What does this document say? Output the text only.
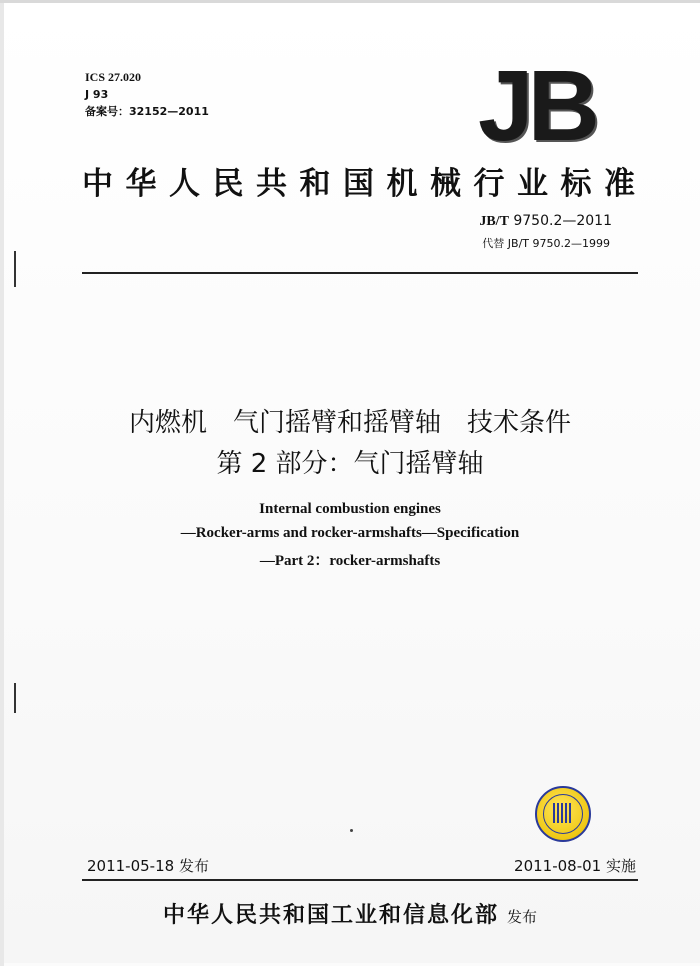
ICS 27.020
J 93
备案号：32152—2011	JB
中华人民共和国机械行业标准
JB/T 9750.2—2011
代替 JB/T 9750.2—1999
内燃机　气门摇臂和摇臂轴　技术条件
第 2 部分：气门摇臂轴
Internal combustion engines
—Rocker-arms and rocker-armshafts—Specification
—Part 2：rocker-armshafts
2011-05-18 发布	2011-08-01 实施
中华人民共和国工业和信息化部 发布
